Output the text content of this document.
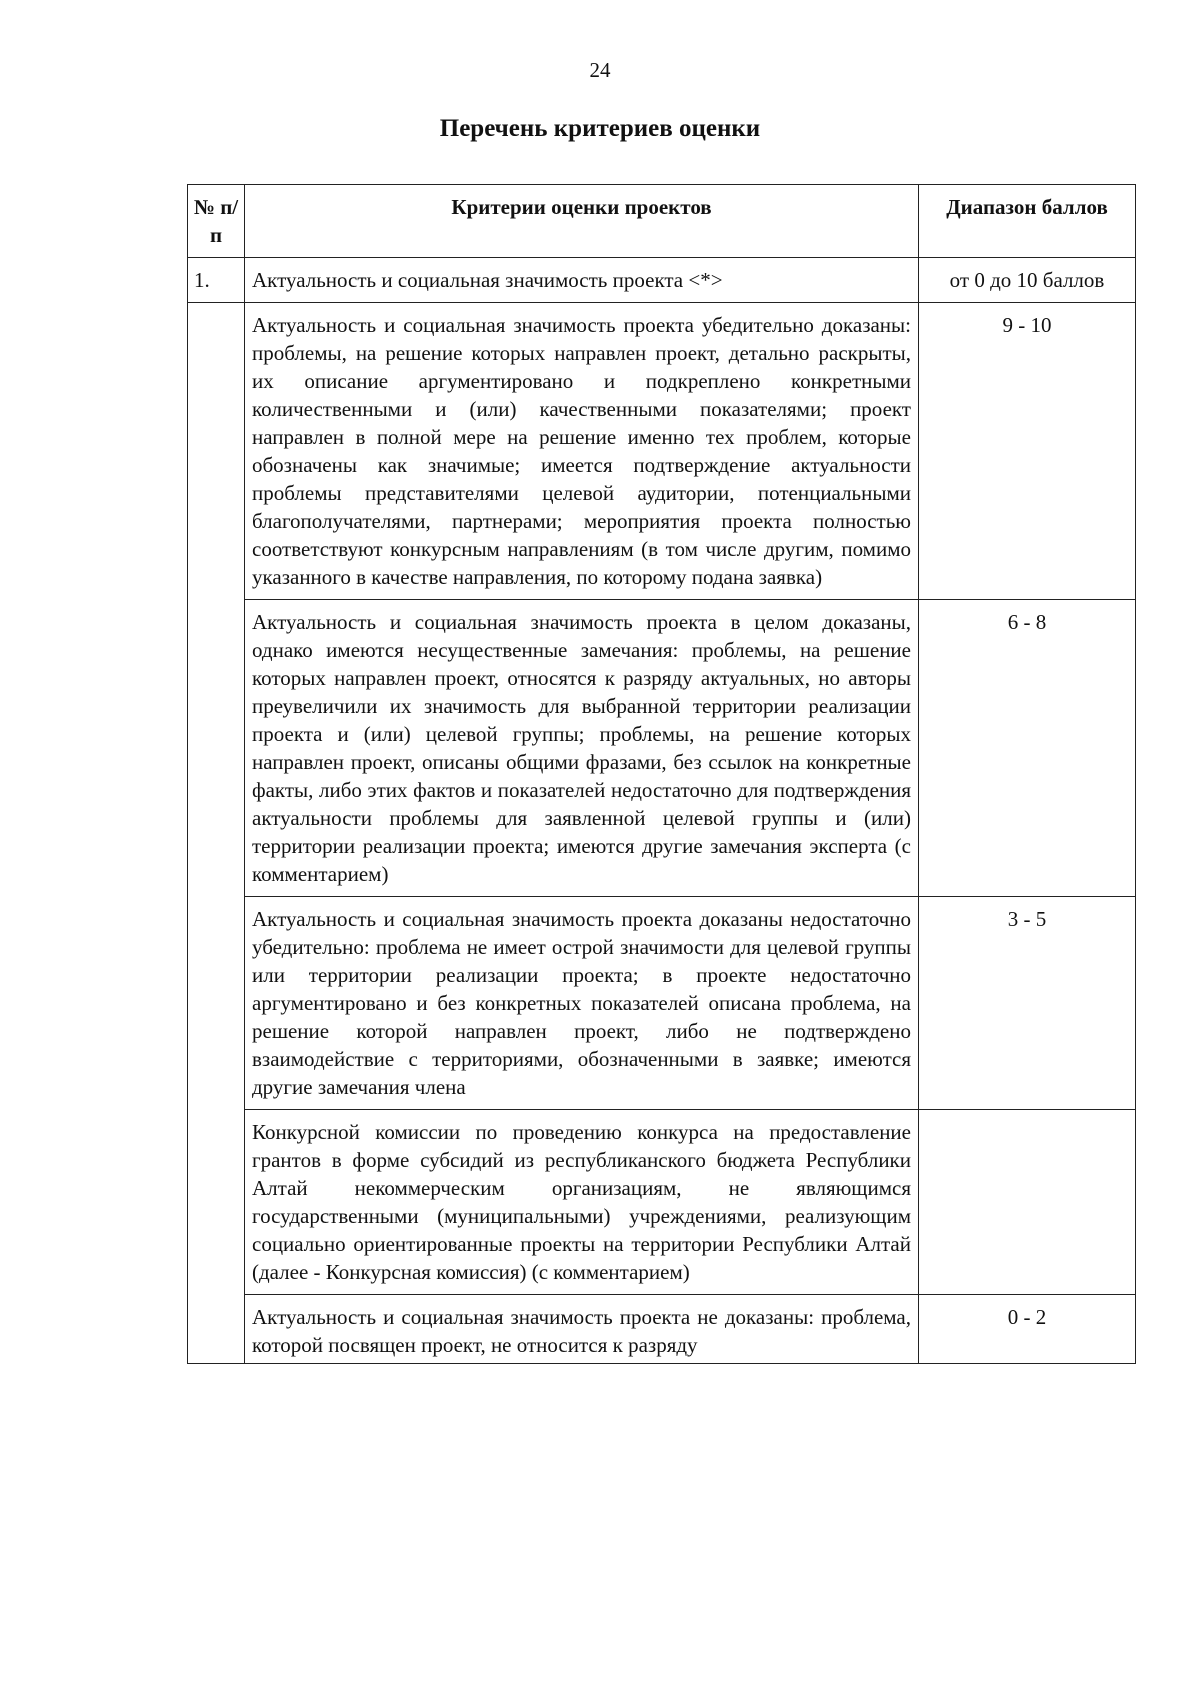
24
Перечень критериев оценки
№ п/п	Критерии оценки проектов	Диапазон баллов
1.	Актуальность и социальная значимость проекта <*>	от 0 до 10 баллов
	Актуальность и социальная значимость проекта убедительно доказаны: проблемы, на решение которых направлен проект, детально раскрыты, их описание аргументировано и подкреплено конкретными количественными и (или) качественными показателями; проект направлен в полной мере на решение именно тех проблем, которые обозначены как значимые; имеется подтверждение актуальности проблемы представителями целевой аудитории, потенциальными благополучателями, партнерами; мероприятия проекта полностью соответствуют конкурсным направлениям (в том числе другим, помимо указанного в качестве направления, по которому подана заявка)	9 - 10
	Актуальность и социальная значимость проекта в целом доказаны, однако имеются несущественные замечания: проблемы, на решение которых направлен проект, относятся к разряду актуальных, но авторы преувеличили их значимость для выбранной территории реализации проекта и (или) целевой группы; проблемы, на решение которых направлен проект, описаны общими фразами, без ссылок на конкретные факты, либо этих фактов и показателей недостаточно для подтверждения актуальности проблемы для заявленной целевой группы и (или) территории реализации проекта; имеются другие замечания эксперта (с комментарием)	6 - 8
	Актуальность и социальная значимость проекта доказаны недостаточно убедительно: проблема не имеет острой значимости для целевой группы или территории реализации проекта; в проекте недостаточно аргументировано и без конкретных показателей описана проблема, на решение которой направлен проект, либо не подтверждено взаимодействие с территориями, обозначенными в заявке; имеются другие замечания члена	3 - 5
	Конкурсной комиссии по проведению конкурса на предоставление грантов в форме субсидий из республиканского бюджета Республики Алтай некоммерческим организациям, не являющимся государственными (муниципальными) учреждениями, реализующим социально ориентированные проекты на территории Республики Алтай (далее - Конкурсная комиссия) (с комментарием)	
	Актуальность и социальная значимость проекта не доказаны: проблема, которой посвящен проект, не относится к разряду	0 - 2
